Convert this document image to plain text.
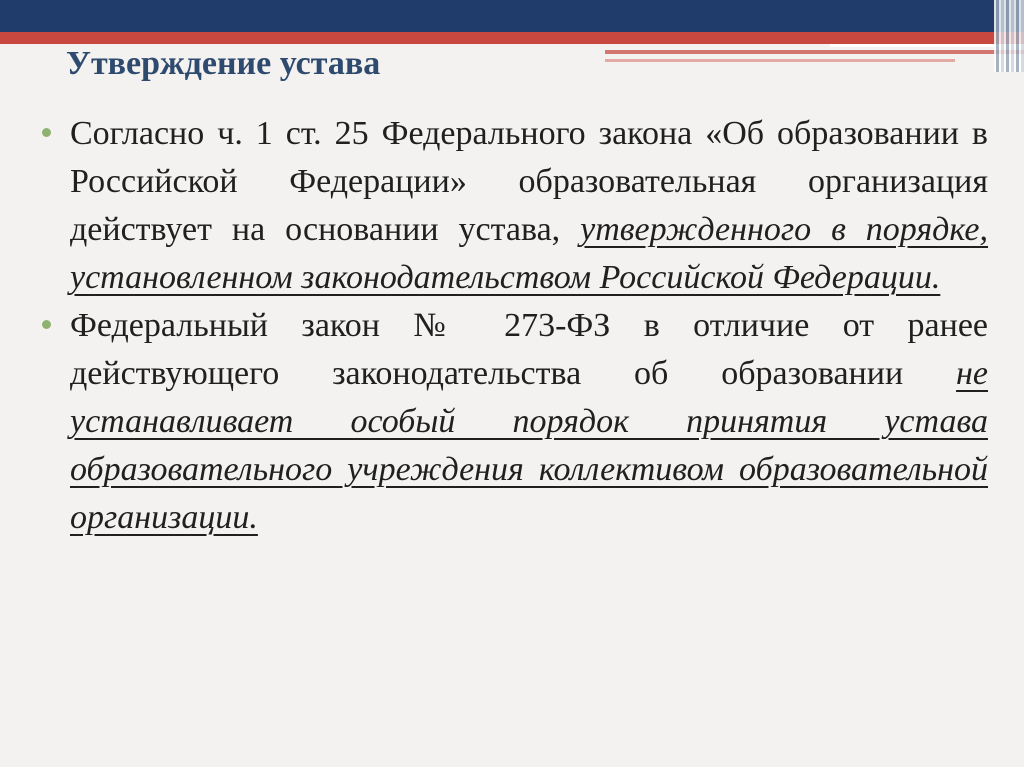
Утверждение устава

Согласно ч. 1 ст. 25 Федерального закона «Об образовании в Российской Федерации» образовательная организация действует на основании устава, утвержденного в порядке, установленном законодательством Российской Федерации.

Федеральный закон № 273-ФЗ в отличие от ранее действующего законодательства об образовании не устанавливает особый порядок принятия устава образовательного учреждения коллективом образовательной организации.
